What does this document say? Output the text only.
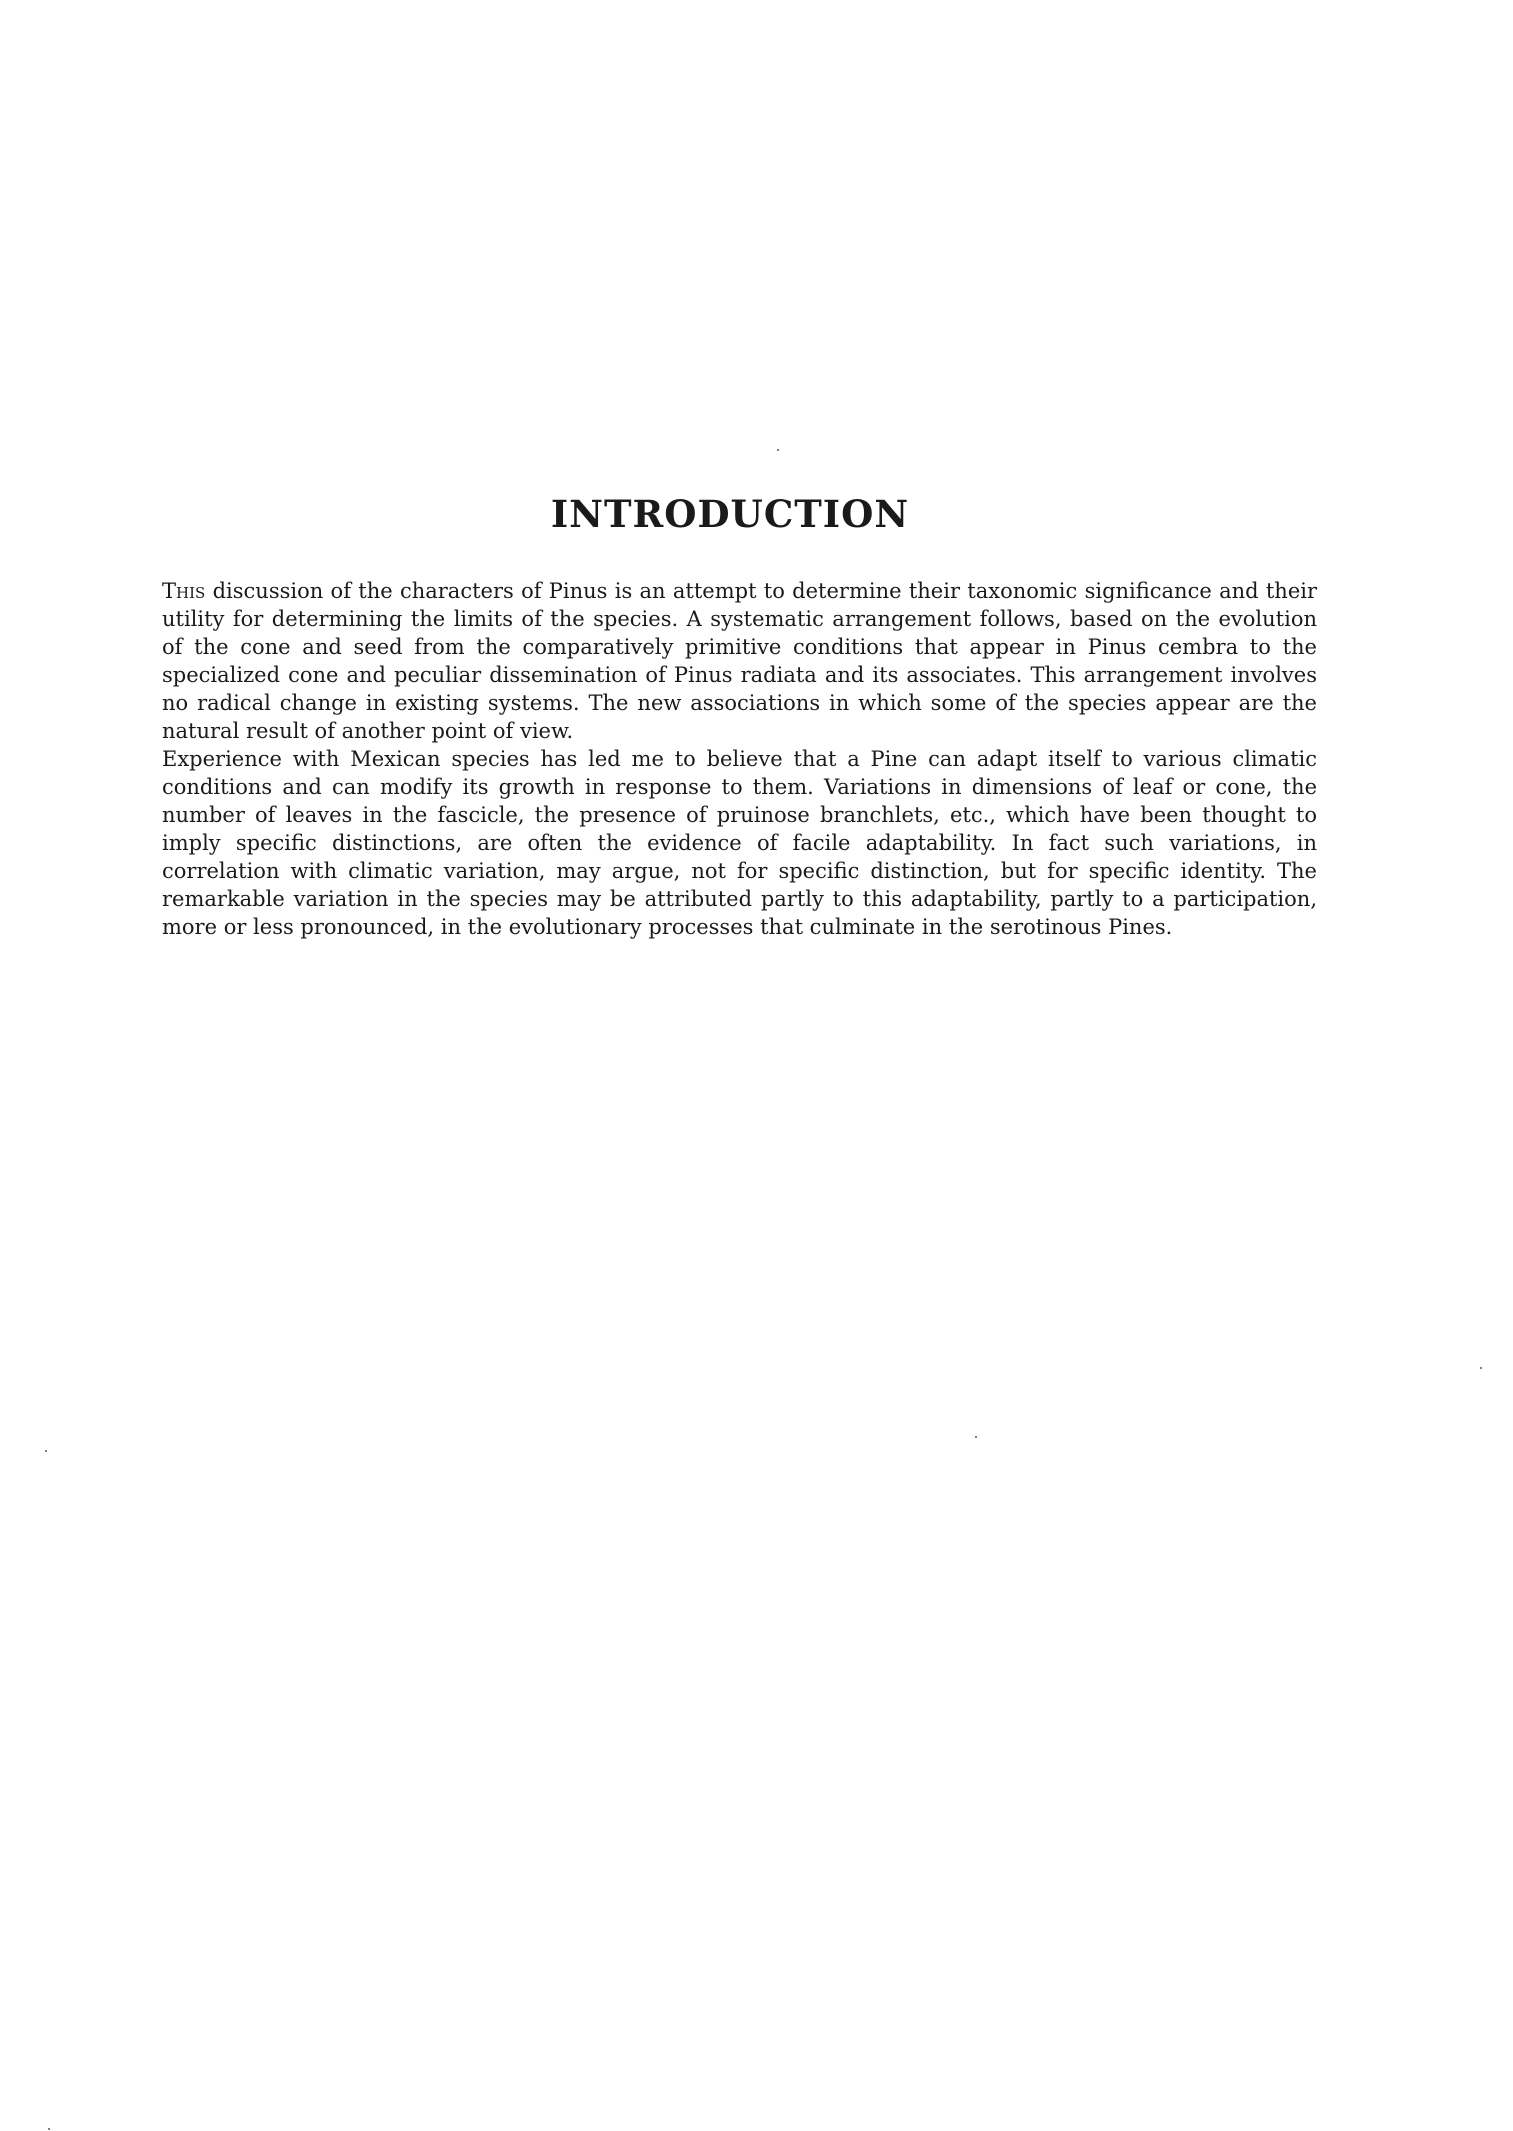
INTRODUCTION

This discussion of the characters of Pinus is an attempt to determine their taxonomic significance and their utility for determining the limits of the species. A systematic arrangement follows, based on the evolution of the cone and seed from the comparatively primitive conditions that appear in Pinus cembra to the specialized cone and peculiar dissemination of Pinus radiata and its associates. This arrangement involves no radical change in existing systems. The new associations in which some of the species appear are the natural result of another point of view.

Experience with Mexican species has led me to believe that a Pine can adapt itself to various climatic conditions and can modify its growth in response to them. Variations in dimensions of leaf or cone, the number of leaves in the fascicle, the presence of pruinose branchlets, etc., which have been thought to imply specific distinctions, are often the evidence of facile adaptability. In fact such variations, in correlation with climatic variation, may argue, not for specific distinction, but for specific identity. The remarkable variation in the species may be attributed partly to this adaptability, partly to a participation, more or less pronounced, in the evolutionary processes that culminate in the serotinous Pines.
